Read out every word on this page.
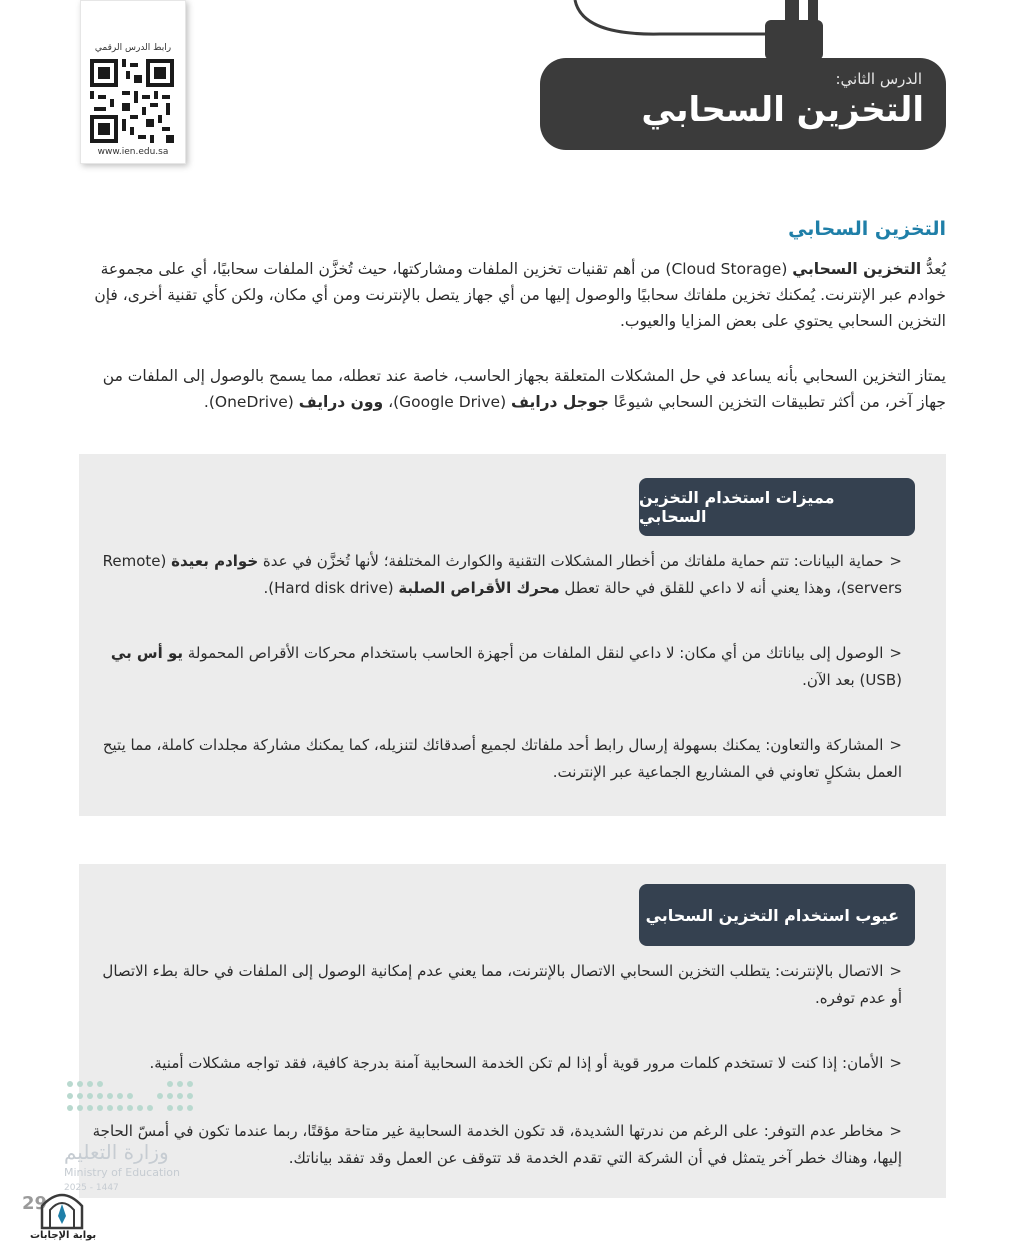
رابط الدرس الرقمي
www.ien.edu.sa
الدرس الثاني:
التخزين السحابي
التخزين السحابي
يُعدُّ التخزين السحابي (Cloud Storage) من أهم تقنيات تخزين الملفات ومشاركتها، حيث تُخزَّن الملفات سحابيًا، أي على مجموعة خوادم عبر الإنترنت. يُمكنك تخزين ملفاتك سحابيًا والوصول إليها من أي جهاز يتصل بالإنترنت ومن أي مكان، ولكن كأي تقنية أخرى، فإن التخزين السحابي يحتوي على بعض المزايا والعيوب.
يمتاز التخزين السحابي بأنه يساعد في حل المشكلات المتعلقة بجهاز الحاسب، خاصة عند تعطله، مما يسمح بالوصول إلى الملفات من جهاز آخر، من أكثر تطبيقات التخزين السحابي شيوعًا جوجل درايف (Google Drive)، وون درايف (OneDrive).
مميزات استخدام التخزين السحابي
<حماية البيانات: تتم حماية ملفاتك من أخطار المشكلات التقنية والكوارث المختلفة؛ لأنها تُخزَّن في عدة خوادم بعيدة (Remote servers)، وهذا يعني أنه لا داعي للقلق في حالة تعطل محرك الأقراص الصلبة (Hard disk drive).
<الوصول إلى بياناتك من أي مكان: لا داعي لنقل الملفات من أجهزة الحاسب باستخدام محركات الأقراص المحمولة يو أس بي (USB) بعد الآن.
<المشاركة والتعاون: يمكنك بسهولة إرسال رابط أحد ملفاتك لجميع أصدقائك لتنزيله، كما يمكنك مشاركة مجلدات كاملة، مما يتيح العمل بشكلٍ تعاوني في المشاريع الجماعية عبر الإنترنت.
عيوب استخدام التخزين السحابي
<الاتصال بالإنترنت: يتطلب التخزين السحابي الاتصال بالإنترنت، مما يعني عدم إمكانية الوصول إلى الملفات في حالة بطء الاتصال أو عدم توفره.
<الأمان: إذا كنت لا تستخدم كلمات مرور قوية أو إذا لم تكن الخدمة السحابية آمنة بدرجة كافية، فقد تواجه مشكلات أمنية.
<مخاطر عدم التوفر: على الرغم من ندرتها الشديدة، قد تكون الخدمة السحابية غير متاحة مؤقتًا، ربما عندما تكون في أمسّ الحاجة إليها، وهناك خطر آخر يتمثل في أن الشركة التي تقدم الخدمة قد تتوقف عن العمل وقد تفقد بياناتك.
وزارة التعليم
Ministry of Education
2025 - 1447
29
بوابة الإجابات
